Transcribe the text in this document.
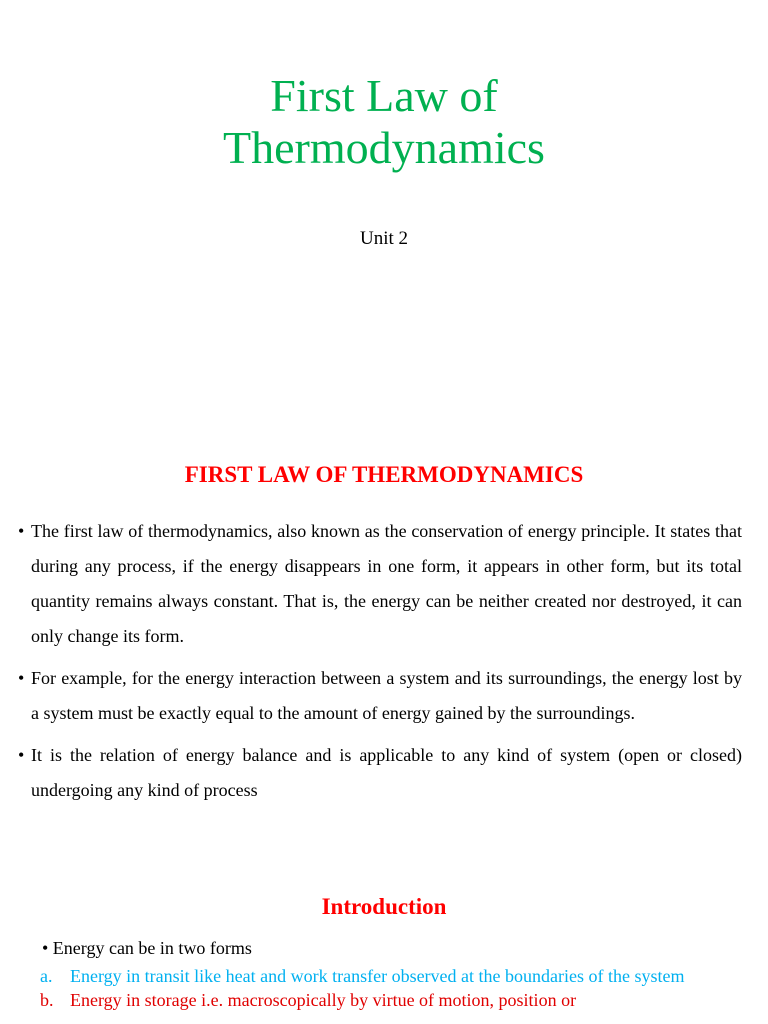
First Law of
Thermodynamics

Unit 2

FIRST LAW OF THERMODYNAMICS
• The first law of thermodynamics, also known as the conservation of energy principle. It states that during any process, if the energy disappears in one form, it appears in other form, but its total quantity remains always constant. That is, the energy can be neither created nor destroyed, it can only change its form.
• For example, for the energy interaction between a system and its surroundings, the energy lost by a system must be exactly equal to the amount of energy gained by the surroundings.
• It is the relation of energy balance and is applicable to any kind of system (open or closed) undergoing any kind of process
Introduction

• Energy can be in two forms

a. Energy in transit like heat and work transfer observed at the boundaries of the system
b. Energy in storage i.e. macroscopically by virtue of motion, position or
